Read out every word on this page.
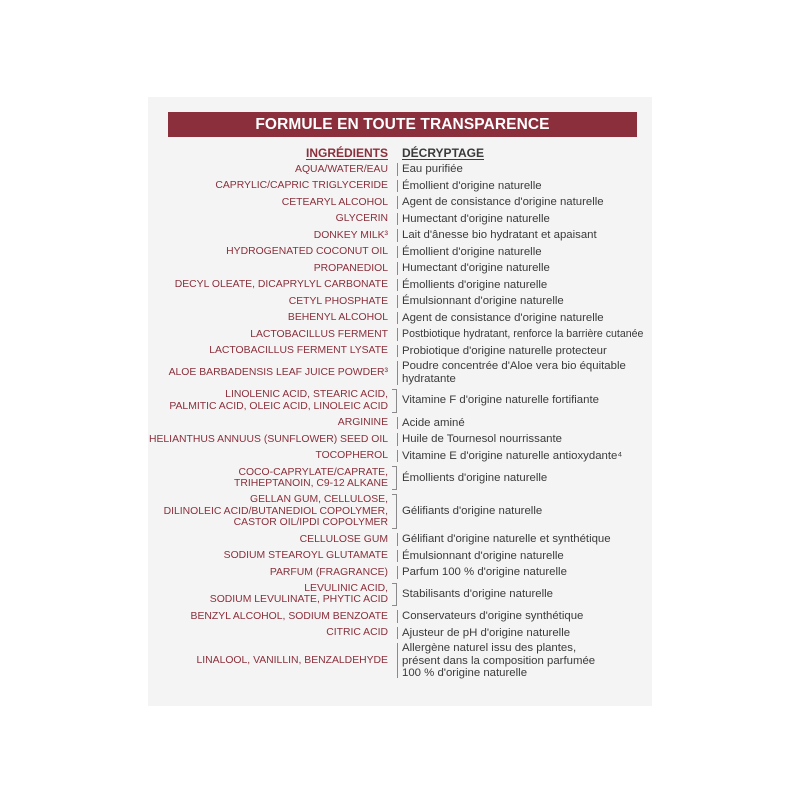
FORMULE EN TOUTE TRANSPARENCE
INGRÉDIENTS DÉCRYPTAGE
AQUA/WATER/EAU Eau purifiée
CAPRYLIC/CAPRIC TRIGLYCERIDE Émollient d'origine naturelle
CETEARYL ALCOHOL Agent de consistance d'origine naturelle
GLYCERIN Humectant d'origine naturelle
DONKEY MILK³ Lait d'ânesse bio hydratant et apaisant
HYDROGENATED COCONUT OIL Émollient d'origine naturelle
PROPANEDIOL Humectant d'origine naturelle
DECYL OLEATE, DICAPRYLYL CARBONATE Émollients d'origine naturelle
CETYL PHOSPHATE Émulsionnant d'origine naturelle
BEHENYL ALCOHOL Agent de consistance d'origine naturelle
LACTOBACILLUS FERMENT Postbiotique hydratant, renforce la barrière cutanée
LACTOBACILLUS FERMENT LYSATE Probiotique d'origine naturelle protecteur
ALOE BARBADENSIS LEAF JUICE POWDER³
Poudre concentrée d'Aloe vera bio équitable
hydratante
LINOLENIC ACID, STEARIC ACID,
PALMITIC ACID, OLEIC ACID, LINOLEIC ACID Vitamine F d'origine naturelle fortifiante
ARGININE Acide aminé
HELIANTHUS ANNUUS (SUNFLOWER) SEED OIL Huile de Tournesol nourrissante
TOCOPHEROL Vitamine E d'origine naturelle antioxydante⁴
COCO-CAPRYLATE/CAPRATE,
TRIHEPTANOIN, C9-12 ALKANE Émollients d'origine naturelle
GELLAN GUM, CELLULOSE,
DILINOLEIC ACID/BUTANEDIOL COPOLYMER,
CASTOR OIL/IPDI COPOLYMER
Gélifiants d'origine naturelle
CELLULOSE GUM Gélifiant d'origine naturelle et synthétique
SODIUM STEAROYL GLUTAMATE Émulsionnant d'origine naturelle
PARFUM (FRAGRANCE) Parfum 100 % d'origine naturelle
LEVULINIC ACID,
SODIUM LEVULINATE, PHYTIC ACID Stabilisants d'origine naturelle
BENZYL ALCOHOL, SODIUM BENZOATE Conservateurs d'origine synthétique
CITRIC ACID Ajusteur de pH d'origine naturelle
LINALOOL, VANILLIN, BENZALDEHYDE
Allergène naturel issu des plantes,
présent dans la composition parfumée
100 % d'origine naturelle
